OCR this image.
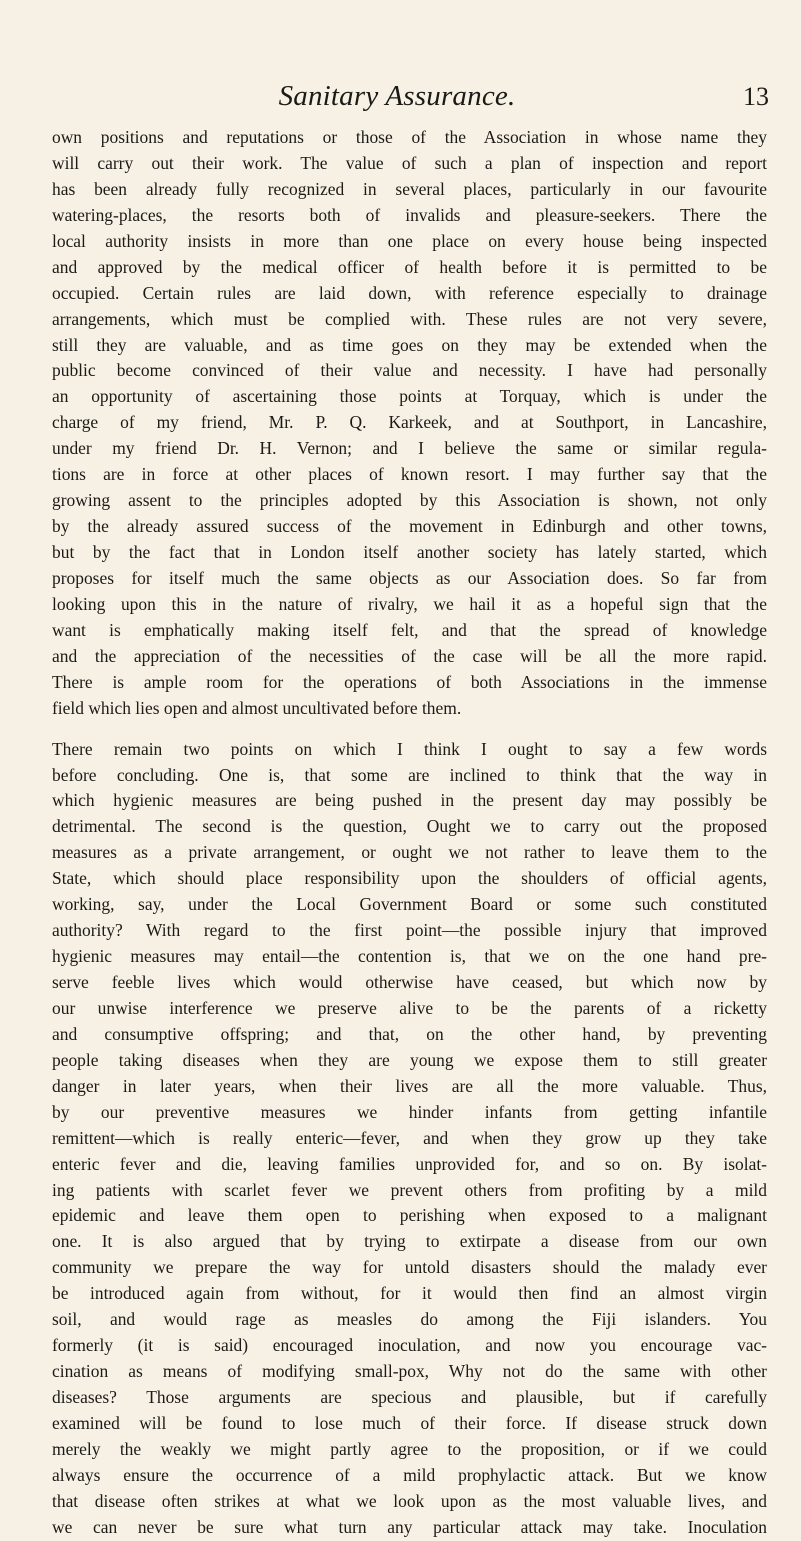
Sanitary Assurance.	13
own positions and reputations or those of the Association in whose name they
will carry out their work. The value of such a plan of inspection and report
has been already fully recognized in several places, particularly in our favourite
watering-places, the resorts both of invalids and pleasure-seekers. There the
local authority insists in more than one place on every house being inspected
and approved by the medical officer of health before it is permitted to be
occupied. Certain rules are laid down, with reference especially to drainage
arrangements, which must be complied with. These rules are not very severe,
still they are valuable, and as time goes on they may be extended when the
public become convinced of their value and necessity. I have had personally
an opportunity of ascertaining those points at Torquay, which is under the
charge of my friend, Mr. P. Q. Karkeek, and at Southport, in Lancashire,
under my friend Dr. H. Vernon; and I believe the same or similar regula-
tions are in force at other places of known resort. I may further say that the
growing assent to the principles adopted by this Association is shown, not only
by the already assured success of the movement in Edinburgh and other towns,
but by the fact that in London itself another society has lately started, which
proposes for itself much the same objects as our Association does. So far from
looking upon this in the nature of rivalry, we hail it as a hopeful sign that the
want is emphatically making itself felt, and that the spread of knowledge
and the appreciation of the necessities of the case will be all the more rapid.
There is ample room for the operations of both Associations in the immense
field which lies open and almost uncultivated before them.
There remain two points on which I think I ought to say a few words
before concluding. One is, that some are inclined to think that the way in
which hygienic measures are being pushed in the present day may possibly be
detrimental. The second is the question, Ought we to carry out the proposed
measures as a private arrangement, or ought we not rather to leave them to the
State, which should place responsibility upon the shoulders of official agents,
working, say, under the Local Government Board or some such constituted
authority? With regard to the first point—the possible injury that improved
hygienic measures may entail—the contention is, that we on the one hand pre-
serve feeble lives which would otherwise have ceased, but which now by
our unwise interference we preserve alive to be the parents of a ricketty
and consumptive offspring; and that, on the other hand, by preventing
people taking diseases when they are young we expose them to still greater
danger in later years, when their lives are all the more valuable. Thus,
by our preventive measures we hinder infants from getting infantile
remittent—which is really enteric—fever, and when they grow up they take
enteric fever and die, leaving families unprovided for, and so on. By isolat-
ing patients with scarlet fever we prevent others from profiting by a mild
epidemic and leave them open to perishing when exposed to a malignant
one. It is also argued that by trying to extirpate a disease from our own
community we prepare the way for untold disasters should the malady ever
be introduced again from without, for it would then find an almost virgin
soil, and would rage as measles do among the Fiji islanders. You
formerly (it is said) encouraged inoculation, and now you encourage vac-
cination as means of modifying small-pox, Why not do the same with other
diseases? Those arguments are specious and plausible, but if carefully
examined will be found to lose much of their force. If disease struck down
merely the weakly we might partly agree to the proposition, or if we could
always ensure the occurrence of a mild prophylactic attack. But we know
that disease often strikes at what we look upon as the most valuable lives, and
we can never be sure what turn any particular attack may take. Inoculation
